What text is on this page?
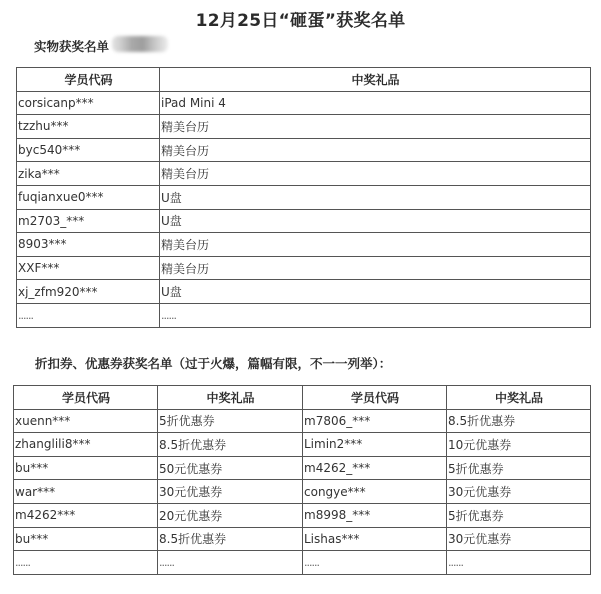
12月25日“砸蛋”获奖名单
实物获奖名单
学员代码	中奖礼品
corsicanp***	iPad Mini 4
tzzhu***	精美台历
byc540***	精美台历
zika***	精美台历
fuqianxue0***	U盘
m2703_***	U盘
8903***	精美台历
XXF***	精美台历
xj_zfm920***	U盘
......	......
折扣券、优惠券获奖名单（过于火爆，篇幅有限，不一一列举）：
学员代码	中奖礼品	学员代码	中奖礼品
xuenn***	5折优惠券	m7806_***	8.5折优惠券
zhanglili8***	8.5折优惠券	Limin2***	10元优惠券
bu***	50元优惠券	m4262_***	5折优惠券
war***	30元优惠券	congye***	30元优惠券
m4262***	20元优惠券	m8998_***	5折优惠券
bu***	8.5折优惠券	Lishas***	30元优惠券
......	......	......	......
